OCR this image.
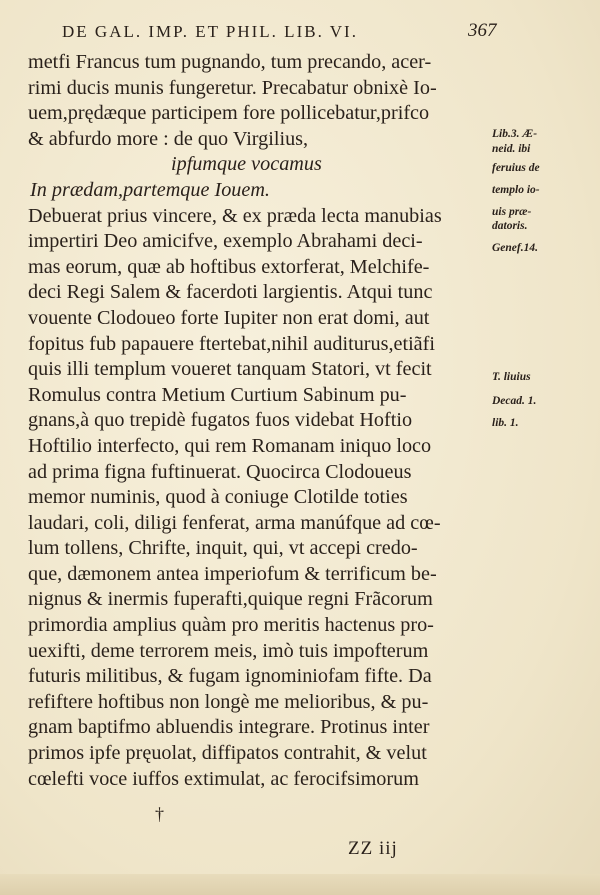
DE GAL. IMP. ET PHIL. LIB. VI.	367
metfi Francus tum pugnando, tum precando, acer-
rimi ducis munis fungeretur. Precabatur obnixè Io-
uem,prędæque participem fore pollicebatur,prifco
& abfurdo more : de quo Virgilius,
ipfumque vocamus
In prædam,partemque Iouem.
Debuerat prius vincere, & ex præda lecta manubias
impertiri Deo amicifve, exemplo Abrahami deci-
mas eorum, quæ ab hoftibus extorferat, Melchife-
deci Regi Salem & facerdoti largientis. Atqui tunc
vouente Clodoueo forte Iupiter non erat domi, aut
fopitus fub papauere ftertebat,nihil auditurus,etiãfi
quis illi templum voueret tanquam Statori, vt fecit
Romulus contra Metium Curtium Sabinum pu-
gnans,à quo trepidè fugatos fuos videbat Hoftio
Hoftilio interfecto, qui rem Romanam iniquo loco
ad prima figna fuftinuerat. Quocirca Clodoueus
memor numinis, quod à coniuge Clotilde toties
laudari, coli, diligi fenferat, arma manúfque ad cœ-
lum tollens, Chrifte, inquit, qui, vt accepi credo-
que, dæmonem antea imperiofum & terrificum be-
nignus & inermis fuperafti,quique regni Frãcorum
primordia amplius quàm pro meritis hactenus pro-
uexifti, deme terrorem meis, imò tuis impofterum
futuris militibus, & fugam ignominiofam fifte. Da
refiftere hoftibus non longè me melioribus, & pu-
gnam baptifmo abluendis integrare. Protinus inter
primos ipfe pręuolat, diffipatos contrahit, & velut
cœlefti voce iuffos extimulat, ac ferocifsimorum
Lib.3. Æ-
neid. ibi
feruius de
templo io-
uis præ-
datoris.
Genef.14.
T. liuius
Decad. 1.
lib. 1.
†
ZZ iij
